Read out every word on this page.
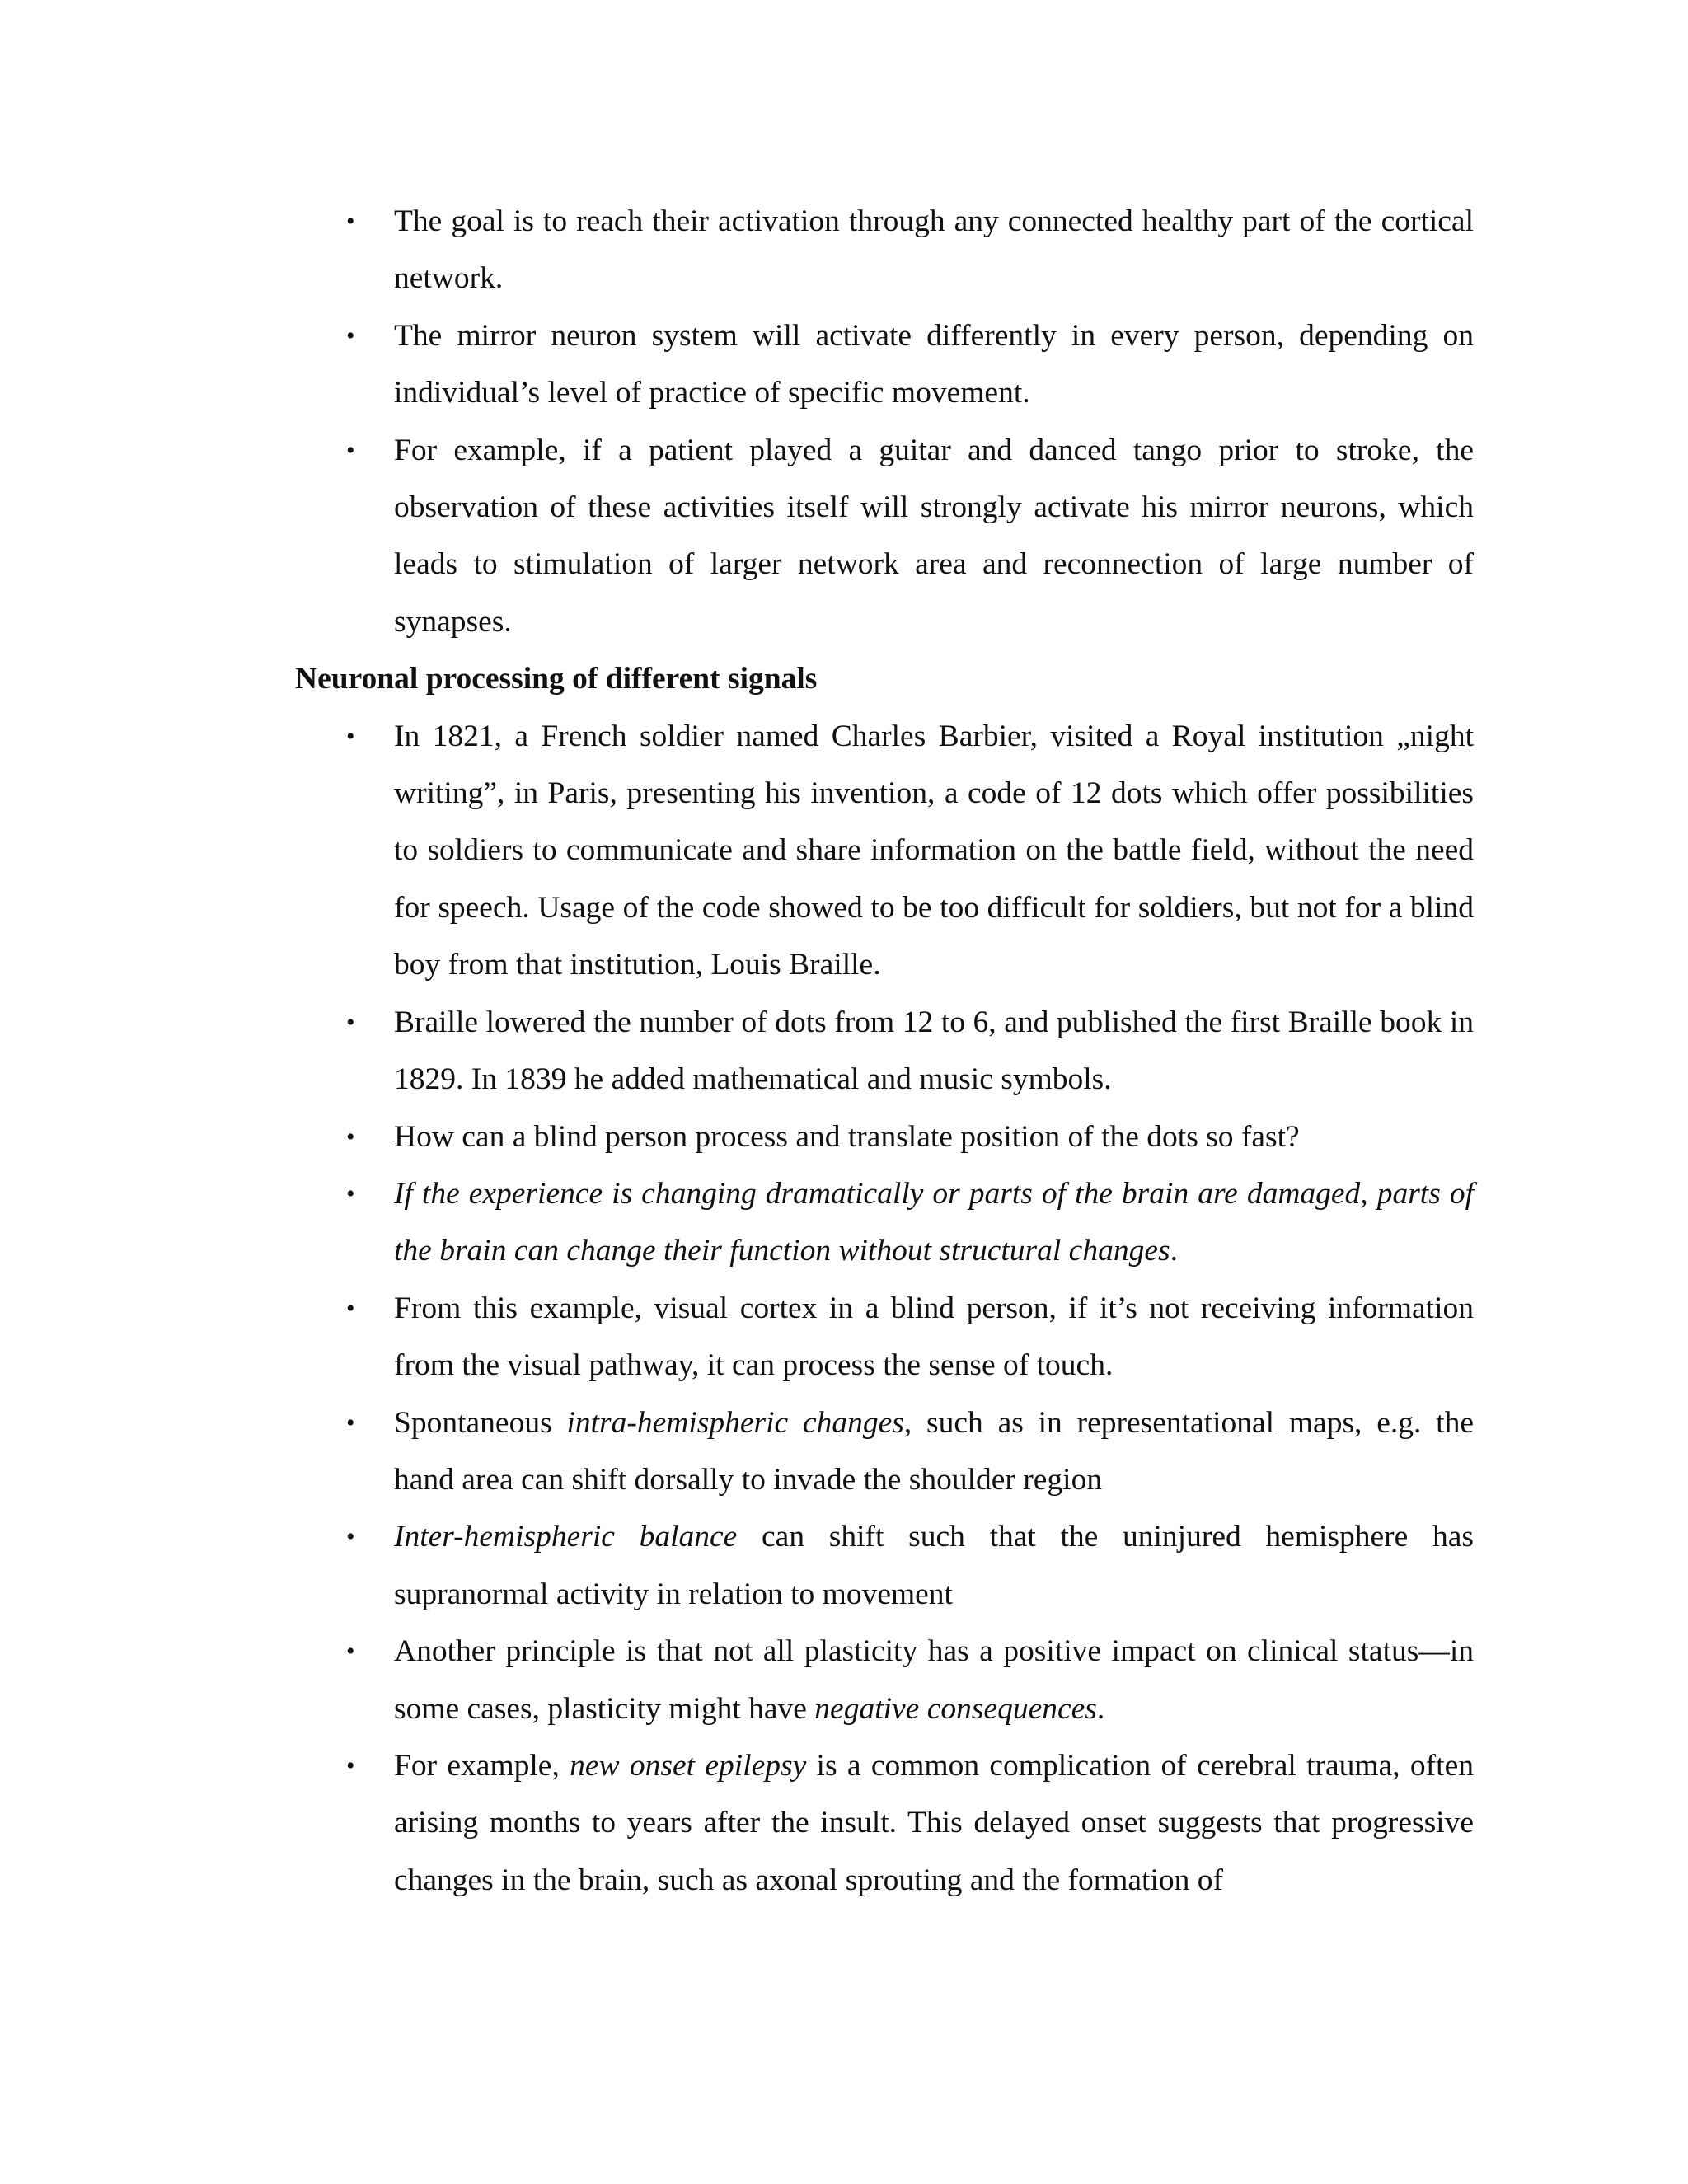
• The goal is to reach their activation through any connected healthy part of the cortical network.
• The mirror neuron system will activate differently in every person, depending on individual’s level of practice of specific movement.
• For example, if a patient played a guitar and danced tango prior to stroke, the observation of these activities itself will strongly activate his mirror neurons, which leads to stimulation of larger network area and reconnection of large number of synapses.

Neuronal processing of different signals

• In 1821, a French soldier named Charles Barbier, visited a Royal institution „night writing”, in Paris, presenting his invention, a code of 12 dots which offer possibilities to soldiers to communicate and share information on the battle field, without the need for speech. Usage of the code showed to be too difficult for soldiers, but not for a blind boy from that institution, Louis Braille.
• Braille lowered the number of dots from 12 to 6, and published the first Braille book in 1829. In 1839 he added mathematical and music symbols.
• How can a blind person process and translate position of the dots so fast?
• If the experience is changing dramatically or parts of the brain are damaged, parts of the brain can change their function without structural changes.
• From this example, visual cortex in a blind person, if it’s not receiving information from the visual pathway, it can process the sense of touch.
• Spontaneous intra-hemispheric changes, such as in representational maps, e.g. the hand area can shift dorsally to invade the shoulder region
• Inter-hemispheric balance can shift such that the uninjured hemisphere has supranormal activity in relation to movement
• Another principle is that not all plasticity has a positive impact on clinical status—in some cases, plasticity might have negative consequences.
• For example, new onset epilepsy is a common complication of cerebral trauma, often arising months to years after the insult. This delayed onset suggests that progressive changes in the brain, such as axonal sprouting and the formation of
